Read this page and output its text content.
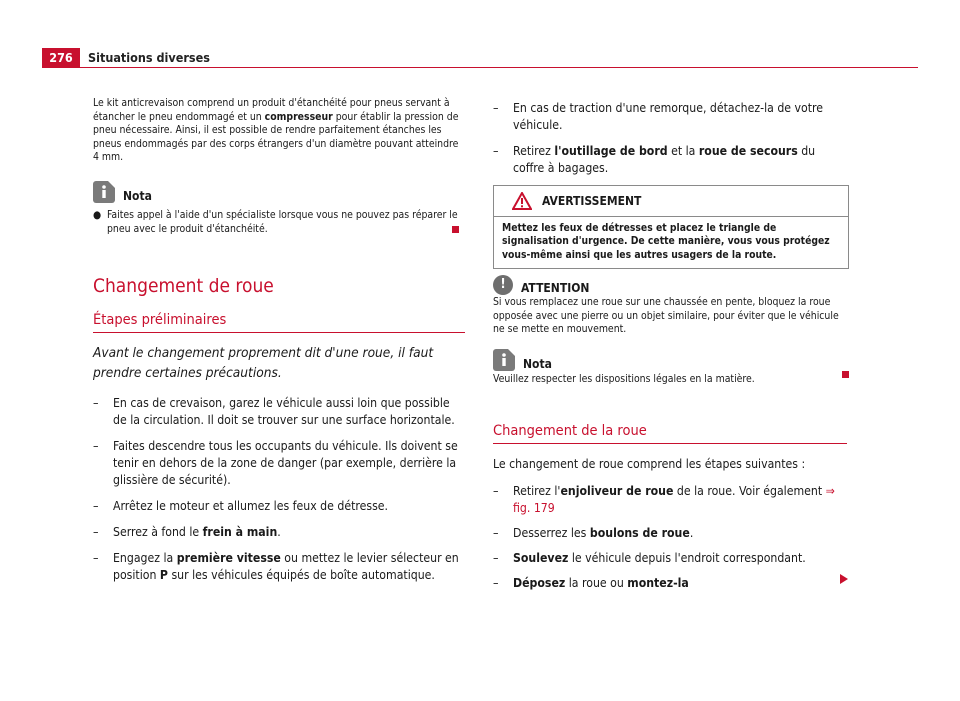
276	Situations diverses
Le kit anticrevaison comprend un produit d'étanchéité pour pneus servant à étancher le pneu endommagé et un compresseur pour établir la pression de pneu nécessaire. Ainsi, il est possible de rendre parfaitement étanches les pneus endommagés par des corps étrangers d'un diamètre pouvant atteindre 4 mm.
Nota
● Faites appel à l'aide d'un spécialiste lorsque vous ne pouvez pas réparer le pneu avec le produit d'étanchéité.
Changement de roue
Étapes préliminaires
Avant le changement proprement dit d'une roue, il faut prendre certaines précautions.
–	En cas de crevaison, garez le véhicule aussi loin que possible de la circulation. Il doit se trouver sur une surface horizontale.
–	Faites descendre tous les occupants du véhicule. Ils doivent se tenir en dehors de la zone de danger (par exemple, derrière la glissière de sécurité).
–	Arrêtez le moteur et allumez les feux de détresse.
–	Serrez à fond le frein à main.
–	Engagez la première vitesse ou mettez le levier sélecteur en position P sur les véhicules équipés de boîte automatique.
–	En cas de traction d'une remorque, détachez-la de votre véhicule.
–	Retirez l'outillage de bord et la roue de secours du coffre à bagages.
AVERTISSEMENT
Mettez les feux de détresses et placez le triangle de signalisation d'urgence. De cette manière, vous vous protégez vous-même ainsi que les autres usagers de la route.
!	ATTENTION
Si vous remplacez une roue sur une chaussée en pente, bloquez la roue opposée avec une pierre ou un objet similaire, pour éviter que le véhicule ne se mette en mouvement.
Nota
Veuillez respecter les dispositions légales en la matière.
Changement de la roue
Le changement de roue comprend les étapes suivantes :
–	Retirez l'enjoliveur de roue de la roue. Voir également ⇒ fig. 179
–	Desserrez les boulons de roue.
–	Soulevez le véhicule depuis l'endroit correspondant.
–	Déposez la roue ou montez-la
